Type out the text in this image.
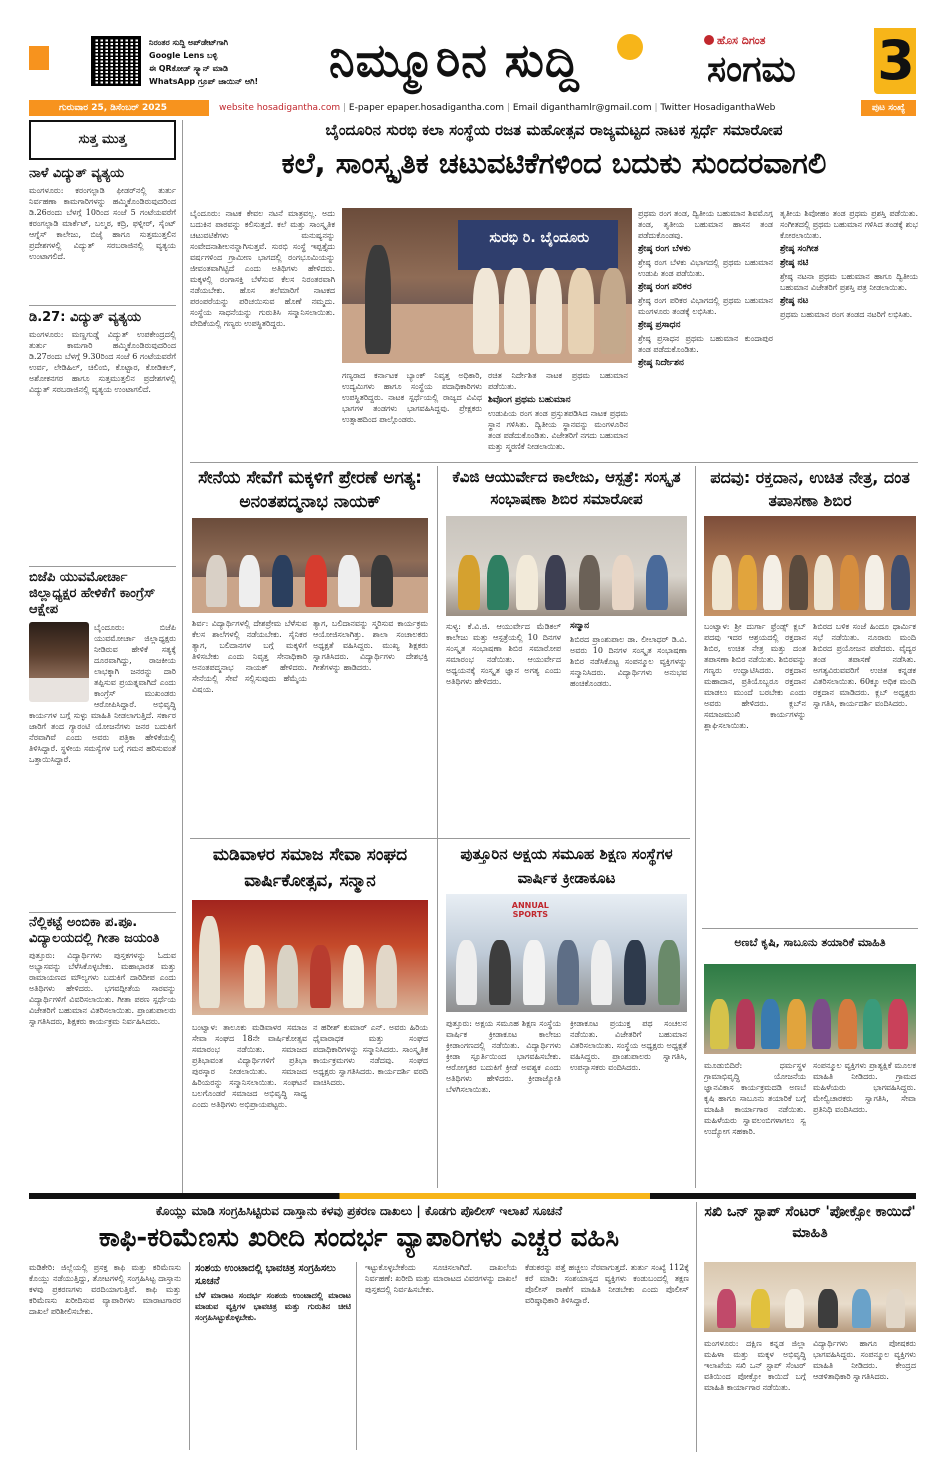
ನಿರಂತರ ಸುದ್ದಿ ಅಪ್‌ಡೇಟ್‌ಗಾಗಿ
Google Lens ಬಳ್ಳಿ
ಈ QRಕೋಡ್ ಸ್ಕ್ಯಾನ್ ಮಾಡಿ
WhatsApp ಗ್ರೂಪ್ ಜಾಯಿನ್ ಆಗಿ!	ನಿಮ್ಮೂರಿನ ಸುದ್ದಿ	ಹೊಸ ದಿಗಂತ
ಸಂಗಮ 3
ಗುರುವಾರ 25, ಡಿಸೆಂಬರ್ 2025	website hosadigantha.com | E-paper epaper.hosadigantha.com | Email diganthamlr@gmail.com | Twitter HosadiganthaWeb	ಪುಟ ಸಂಖ್ಯೆ
ಸುತ್ತ ಮುತ್ತ
ನಾಳೆ ವಿದ್ಯುತ್ ವ್ಯತ್ಯಯ
ಮಂಗಳೂರು: ಕರಂಗಲ್ಪಾಡಿ ಫೀಡರ್‌ನಲ್ಲಿ ತುರ್ತು ನಿರ್ವಹಣಾ ಕಾಮಗಾರಿಗಳನ್ನು ಹಮ್ಮಿಕೊಂಡಿರುವುದರಿಂದ ಡಿ.26ರಂದು ಬೆಳಗ್ಗೆ 10ರಿಂದ ಸಂಜೆ 5 ಗಂಟೆಯವರೆಗೆ ಕರಂಗಲ್ಪಾಡಿ ಮಾರ್ಕೆಟ್, ಬಲ್ಮಠ, ಕದ್ರಿ, ಫಳ್ನೀರ್, ಸೈಂಟ್ ಆಗ್ನೆಸ್ ಕಾಲೇಜು, ಬಿಜೈ ಹಾಗೂ ಸುತ್ತಮುತ್ತಲಿನ ಪ್ರದೇಶಗಳಲ್ಲಿ ವಿದ್ಯುತ್ ಸರಬರಾಜಿನಲ್ಲಿ ವ್ಯತ್ಯಯ ಉಂಟಾಗಲಿದೆ.
ಡಿ.27: ವಿದ್ಯುತ್ ವ್ಯತ್ಯಯ
ಮಂಗಳೂರು: ಮಣ್ಣಗುಡ್ಡೆ ವಿದ್ಯುತ್ ಉಪಕೇಂದ್ರದಲ್ಲಿ ತುರ್ತು ಕಾಮಗಾರಿ ಹಮ್ಮಿಕೊಂಡಿರುವುದರಿಂದ ಡಿ.27ರಂದು ಬೆಳಗ್ಗೆ 9.30ರಿಂದ ಸಂಜೆ 6 ಗಂಟೆಯವರೆಗೆ ಉರ್ವ, ಲೇಡಿಹಿಲ್, ಚಿಲಿಂಬಿ, ಕೊಟ್ಟಾರ, ಕೋಡಿಕಲ್, ಅಶೋಕನಗರ ಹಾಗೂ ಸುತ್ತಮುತ್ತಲಿನ ಪ್ರದೇಶಗಳಲ್ಲಿ ವಿದ್ಯುತ್ ಸರಬರಾಜಿನಲ್ಲಿ ವ್ಯತ್ಯಯ ಉಂಟಾಗಲಿದೆ.
ಬಿಜೆಪಿ ಯುವಮೋರ್ಚಾ ಜಿಲ್ಲಾಧ್ಯಕ್ಷರ ಹೇಳಿಕೆಗೆ ಕಾಂಗ್ರೆಸ್ ಆಕ್ಷೇಪ
ಬೈಂದೂರು: ಬಿಜೆಪಿ ಯುವಮೋರ್ಚಾ ಜಿಲ್ಲಾಧ್ಯಕ್ಷರು ನೀಡಿರುವ ಹೇಳಿಕೆ ಸತ್ಯಕ್ಕೆ ದೂರವಾಗಿದ್ದು, ರಾಜಕೀಯ ಲಾಭಕ್ಕಾಗಿ ಜನರನ್ನು ದಾರಿ ತಪ್ಪಿಸುವ ಪ್ರಯತ್ನವಾಗಿದೆ ಎಂದು ಕಾಂಗ್ರೆಸ್ ಮುಖಂಡರು ಆರೋಪಿಸಿದ್ದಾರೆ. ಅಭಿವೃದ್ಧಿ ಕಾರ್ಯಗಳ ಬಗ್ಗೆ ಸುಳ್ಳು ಮಾಹಿತಿ ನೀಡಲಾಗುತ್ತಿದೆ. ಸರ್ಕಾರ ಜಾರಿಗೆ ತಂದ ಗ್ಯಾರಂಟಿ ಯೋಜನೆಗಳು ಜನರ ಬದುಕಿಗೆ ನೆರವಾಗಿವೆ ಎಂದು ಅವರು ಪತ್ರಿಕಾ ಹೇಳಿಕೆಯಲ್ಲಿ ತಿಳಿಸಿದ್ದಾರೆ. ಸ್ಥಳೀಯ ಸಮಸ್ಯೆಗಳ ಬಗ್ಗೆ ಗಮನ ಹರಿಸುವಂತೆ ಒತ್ತಾಯಿಸಿದ್ದಾರೆ.
ನೆಲ್ಲಿಕಟ್ಟೆ ಅಂಬಿಕಾ ಪ.ಪೂ. ವಿದ್ಯಾಲಯದಲ್ಲಿ ಗೀತಾ ಜಯಂತಿ
ಪುತ್ತೂರು: ವಿದ್ಯಾರ್ಥಿಗಳು ಪುಸ್ತಕಗಳನ್ನು ಓದುವ ಅಭ್ಯಾಸವನ್ನು ಬೆಳೆಸಿಕೊಳ್ಳಬೇಕು. ಮಹಾಭಾರತ ಮತ್ತು ರಾಮಾಯಣದ ಮೌಲ್ಯಗಳು ಬದುಕಿಗೆ ದಾರಿದೀಪ ಎಂದು ಅತಿಥಿಗಳು ಹೇಳಿದರು. ಭಗವದ್ಗೀತೆಯ ಸಾರವನ್ನು ವಿದ್ಯಾರ್ಥಿಗಳಿಗೆ ವಿವರಿಸಲಾಯಿತು. ಗೀತಾ ಪಠಣ ಸ್ಪರ್ಧೆಯ ವಿಜೇತರಿಗೆ ಬಹುಮಾನ ವಿತರಿಸಲಾಯಿತು. ಪ್ರಾಂಶುಪಾಲರು ಸ್ವಾಗತಿಸಿದರು, ಶಿಕ್ಷಕರು ಕಾರ್ಯಕ್ರಮ ನಿರ್ವಹಿಸಿದರು.
ಬೈಂದೂರಿನ ಸುರಭಿ ಕಲಾ ಸಂಸ್ಥೆಯ ರಜತ ಮಹೋತ್ಸವ ರಾಜ್ಯಮಟ್ಟದ ನಾಟಕ ಸ್ಪರ್ಧೆ ಸಮಾರೋಪ
ಕಲೆ, ಸಾಂಸ್ಕೃತಿಕ ಚಟುವಟಿಕೆಗಳಿಂದ ಬದುಕು ಸುಂದರವಾಗಲಿ

ಬೈಂದೂರು: ನಾಟಕ ಕೇವಲ ನಟನೆ ಮಾತ್ರವಲ್ಲ. ಅದು ಬದುಕಿನ ಪಾಠವನ್ನು ಕಲಿಸುತ್ತದೆ. ಕಲೆ ಮತ್ತು ಸಾಂಸ್ಕೃತಿಕ ಚಟುವಟಿಕೆಗಳು ಮನುಷ್ಯನನ್ನು ಸಂವೇದನಾಶೀಲನನ್ನಾಗಿಸುತ್ತವೆ. ಸುರಭಿ ಸಂಸ್ಥೆ ಇಪ್ಪತ್ತೈದು ವರ್ಷಗಳಿಂದ ಗ್ರಾಮೀಣ ಭಾಗದಲ್ಲಿ ರಂಗಭೂಮಿಯನ್ನು ಜೀವಂತವಾಗಿಟ್ಟಿದೆ ಎಂದು ಅತಿಥಿಗಳು ಹೇಳಿದರು. ಮಕ್ಕಳಲ್ಲಿ ರಂಗಾಸಕ್ತಿ ಬೆಳೆಸುವ ಕೆಲಸ ನಿರಂತರವಾಗಿ ನಡೆಯಬೇಕು. ಹೊಸ ತಲೆಮಾರಿಗೆ ನಾಟಕದ ಪರಂಪರೆಯನ್ನು ಪರಿಚಯಿಸುವ ಹೊಣೆ ನಮ್ಮದು. ಸಂಸ್ಥೆಯ ಸಾಧನೆಯನ್ನು ಗುರುತಿಸಿ ಸನ್ಮಾನಿಸಲಾಯಿತು. ವೇದಿಕೆಯಲ್ಲಿ ಗಣ್ಯರು ಉಪಸ್ಥಿತರಿದ್ದರು.

ಸುರಭಿ ರಿ. ಬೈಂದೂರು

ಗಣ್ಯರಾದ ಕರ್ನಾಟಕ ಬ್ಯಾಂಕ್ ನಿವೃತ್ತ ಅಧಿಕಾರಿ, ಉದ್ಯಮಿಗಳು ಹಾಗೂ ಸಂಸ್ಥೆಯ ಪದಾಧಿಕಾರಿಗಳು ಉಪಸ್ಥಿತರಿದ್ದರು. ನಾಟಕ ಸ್ಪರ್ಧೆಯಲ್ಲಿ ರಾಜ್ಯದ ವಿವಿಧ ಭಾಗಗಳ ತಂಡಗಳು ಭಾಗವಹಿಸಿದ್ದವು. ಪ್ರೇಕ್ಷಕರು ಉತ್ಸಾಹದಿಂದ ಪಾಲ್ಗೊಂಡರು.

ರಚಿತ ನಿರ್ದೇಶಿತ ನಾಟಕ ಪ್ರಥಮ ಬಹುಮಾನ ಪಡೆಯಿತು.

ಶಿವೊಂಗ ಪ್ರಥಮ ಬಹುಮಾನ

ಉಡುಪಿಯ ರಂಗ ತಂಡ ಪ್ರಸ್ತುತಪಡಿಸಿದ ನಾಟಕ ಪ್ರಥಮ ಸ್ಥಾನ ಗಳಿಸಿತು. ದ್ವಿತೀಯ ಸ್ಥಾನವನ್ನು ಮಂಗಳೂರಿನ ತಂಡ ಪಡೆದುಕೊಂಡಿತು. ವಿಜೇತರಿಗೆ ನಗದು ಬಹುಮಾನ ಮತ್ತು ಸ್ಮರಣಿಕೆ ನೀಡಲಾಯಿತು.

ಪ್ರಥಮ ರಂಗ ತಂಡ, ದ್ವಿತೀಯ ಬಹುಮಾನ ಶಿವಮೊಗ್ಗ ತಂಡ, ತೃತೀಯ ಬಹುಮಾನ ಹಾಸನ ತಂಡ ಪಡೆದುಕೊಂಡವು.

ಶ್ರೇಷ್ಠ ರಂಗ ಬೆಳಕು

ಶ್ರೇಷ್ಠ ರಂಗ ಬೆಳಕು ವಿಭಾಗದಲ್ಲಿ ಪ್ರಥಮ ಬಹುಮಾನ ಉಡುಪಿ ತಂಡ ಪಡೆಯಿತು.

ಶ್ರೇಷ್ಠ ರಂಗ ಪರಿಕರ

ಶ್ರೇಷ್ಠ ರಂಗ ಪರಿಕರ ವಿಭಾಗದಲ್ಲಿ ಪ್ರಥಮ ಬಹುಮಾನ ಮಂಗಳೂರು ತಂಡಕ್ಕೆ ಲಭಿಸಿತು.

ಶ್ರೇಷ್ಠ ಪ್ರಸಾಧನ

ಶ್ರೇಷ್ಠ ಪ್ರಸಾಧನ ಪ್ರಥಮ ಬಹುಮಾನ ಕುಂದಾಪುರ ತಂಡ ಪಡೆದುಕೊಂಡಿತು.

ಶ್ರೇಷ್ಠ ನಿರ್ದೇಶನ

ತೃತೀಯ ಶಿವೋಹಂ ತಂಡ ಪ್ರಥಮ ಪ್ರಶಸ್ತಿ ಪಡೆಯಿತು. ಸಂಗೀತದಲ್ಲಿ ಪ್ರಥಮ ಬಹುಮಾನ ಗಳಿಸಿದ ತಂಡಕ್ಕೆ ಶುಭ ಕೋರಲಾಯಿತು.

ಶ್ರೇಷ್ಠ ಸಂಗೀತ
ಶ್ರೇಷ್ಠ ನಟಿ

ಶ್ರೇಷ್ಠ ನಟನಾ ಪ್ರಥಮ ಬಹುಮಾನ ಹಾಗೂ ದ್ವಿತೀಯ ಬಹುಮಾನ ವಿಜೇತರಿಗೆ ಪ್ರಶಸ್ತಿ ಪತ್ರ ನೀಡಲಾಯಿತು.

ಶ್ರೇಷ್ಠ ನಟ

ಪ್ರಥಮ ಬಹುಮಾನ ರಂಗ ತಂಡದ ನಟರಿಗೆ ಲಭಿಸಿತು.

ಸೇನೆಯ ಸೇವೆಗೆ ಮಕ್ಕಳಿಗೆ ಪ್ರೇರಣೆ ಅಗತ್ಯ: ಅನಂತಪದ್ಮನಾಭ ನಾಯಕ್
ಶಿರ್ವ: ವಿದ್ಯಾರ್ಥಿಗಳಲ್ಲಿ ದೇಶಪ್ರೇಮ ಬೆಳೆಸುವ ಕೆಲಸ ಶಾಲೆಗಳಲ್ಲಿ ನಡೆಯಬೇಕು. ಸೈನಿಕರ ತ್ಯಾಗ, ಬಲಿದಾನಗಳ ಬಗ್ಗೆ ಮಕ್ಕಳಿಗೆ ತಿಳಿಸಬೇಕು ಎಂದು ನಿವೃತ್ತ ಸೇನಾಧಿಕಾರಿ ಅನಂತಪದ್ಮನಾಭ ನಾಯಕ್ ಹೇಳಿದರು. ಸೇನೆಯಲ್ಲಿ ಸೇವೆ ಸಲ್ಲಿಸುವುದು ಹೆಮ್ಮೆಯ ವಿಷಯ.
ತ್ಯಾಗ, ಬಲಿದಾನವನ್ನು ಸ್ಮರಿಸುವ ಕಾರ್ಯಕ್ರಮ ಆಯೋಜಿಸಲಾಗಿತ್ತು. ಶಾಲಾ ಸಂಚಾಲಕರು ಅಧ್ಯಕ್ಷತೆ ವಹಿಸಿದ್ದರು. ಮುಖ್ಯ ಶಿಕ್ಷಕರು ಸ್ವಾಗತಿಸಿದರು. ವಿದ್ಯಾರ್ಥಿಗಳು ದೇಶಭಕ್ತಿ ಗೀತೆಗಳನ್ನು ಹಾಡಿದರು.
ಕೆವಿಜಿ ಆಯುರ್ವೇದ ಕಾಲೇಜು, ಆಸ್ಪತ್ರೆ: ಸಂಸ್ಕೃತ ಸಂಭಾಷಣಾ ಶಿಬಿರ ಸಮಾರೋಪ
ಸುಳ್ಯ: ಕೆ.ವಿ.ಜಿ. ಆಯುರ್ವೇದ ಮೆಡಿಕಲ್ ಕಾಲೇಜು ಮತ್ತು ಆಸ್ಪತ್ರೆಯಲ್ಲಿ 10 ದಿನಗಳ ಸಂಸ್ಕೃತ ಸಂಭಾಷಣಾ ಶಿಬಿರ ಸಮಾರೋಪ ಸಮಾರಂಭ ನಡೆಯಿತು. ಆಯುರ್ವೇದ ಅಧ್ಯಯನಕ್ಕೆ ಸಂಸ್ಕೃತ ಜ್ಞಾನ ಅಗತ್ಯ ಎಂದು ಅತಿಥಿಗಳು ಹೇಳಿದರು.
ಸನ್ಮಾನ

ಶಿಬಿರದ ಪ್ರಾಂಶುಪಾಲ ಡಾ. ಲೀಲಾಧರ್ ಡಿ.ವಿ. ಅವರು 10 ದಿನಗಳ ಸಂಸ್ಕೃತ ಸಂಭಾಷಣಾ ಶಿಬಿರ ನಡೆಸಿಕೊಟ್ಟ ಸಂಪನ್ಮೂಲ ವ್ಯಕ್ತಿಗಳನ್ನು ಸನ್ಮಾನಿಸಿದರು. ವಿದ್ಯಾರ್ಥಿಗಳು ಅನುಭವ ಹಂಚಿಕೊಂಡರು.

ಪದವು: ರಕ್ತದಾನ, ಉಚಿತ ನೇತ್ರ, ದಂತ ತಪಾಸಣಾ ಶಿಬಿರ
ಬಂಟ್ವಾಳ: ಶ್ರೀ ದುರ್ಗಾ ಫ್ರೆಂಡ್ಸ್ ಕ್ಲಬ್ ಪದವು ಇದರ ಆಶ್ರಯದಲ್ಲಿ ರಕ್ತದಾನ ಶಿಬಿರ, ಉಚಿತ ನೇತ್ರ ಮತ್ತು ದಂತ ತಪಾಸಣಾ ಶಿಬಿರ ನಡೆಯಿತು. ಶಿಬಿರವನ್ನು ಗಣ್ಯರು ಉದ್ಘಾಟಿಸಿದರು. ರಕ್ತದಾನ ಮಹಾದಾನ, ಪ್ರತಿಯೊಬ್ಬರೂ ರಕ್ತದಾನ ಮಾಡಲು ಮುಂದೆ ಬರಬೇಕು ಎಂದು ಅವರು ಹೇಳಿದರು. ಕ್ಲಬ್‌ನ ಸಮಾಜಮುಖಿ ಕಾರ್ಯಗಳನ್ನು ಶ್ಲಾಘಿಸಲಾಯಿತು.
ಶಿಬಿರದ ಬಳಿಕ ಸಂಜೆ ಹಿಂದೂ ಧಾರ್ಮಿಕ ಸಭೆ ನಡೆಯಿತು. ನೂರಾರು ಮಂದಿ ಶಿಬಿರದ ಪ್ರಯೋಜನ ಪಡೆದರು. ವೈದ್ಯರ ತಂಡ ತಪಾಸಣೆ ನಡೆಸಿತು. ಅಗತ್ಯವಿರುವವರಿಗೆ ಉಚಿತ ಕನ್ನಡಕ ವಿತರಿಸಲಾಯಿತು. 60ಕ್ಕೂ ಅಧಿಕ ಮಂದಿ ರಕ್ತದಾನ ಮಾಡಿದರು. ಕ್ಲಬ್ ಅಧ್ಯಕ್ಷರು ಸ್ವಾಗತಿಸಿ, ಕಾರ್ಯದರ್ಶಿ ವಂದಿಸಿದರು.
ಮಡಿವಾಳರ ಸಮಾಜ ಸೇವಾ ಸಂಘದ ವಾರ್ಷಿಕೋತ್ಸವ, ಸನ್ಮಾನ
ಬಂಟ್ವಾಳ: ತಾಲೂಕು ಮಡಿವಾಳರ ಸಮಾಜ ಸೇವಾ ಸಂಘದ 18ನೇ ವಾರ್ಷಿಕೋತ್ಸವ ಸಮಾರಂಭ ನಡೆಯಿತು. ಸಮಾಜದ ಪ್ರತಿಭಾವಂತ ವಿದ್ಯಾರ್ಥಿಗಳಿಗೆ ಪ್ರತಿಭಾ ಪುರಸ್ಕಾರ ನೀಡಲಾಯಿತು. ಸಮಾಜದ ಹಿರಿಯರನ್ನು ಸನ್ಮಾನಿಸಲಾಯಿತು. ಸಂಘಟನೆ ಬಲಗೊಂಡರೆ ಸಮಾಜದ ಅಭಿವೃದ್ಧಿ ಸಾಧ್ಯ ಎಂದು ಅತಿಥಿಗಳು ಅಭಿಪ್ರಾಯಪಟ್ಟರು.
ನ ಹರೀಶ್ ಕುಮಾರ್ ಎನ್. ಅವರು ಹಿರಿಯ ಧೈವಾರಾಧಕ ಮತ್ತು ಸಂಘದ ಪದಾಧಿಕಾರಿಗಳನ್ನು ಸನ್ಮಾನಿಸಿದರು. ಸಾಂಸ್ಕೃತಿಕ ಕಾರ್ಯಕ್ರಮಗಳು ನಡೆದವು. ಸಂಘದ ಅಧ್ಯಕ್ಷರು ಸ್ವಾಗತಿಸಿದರು. ಕಾರ್ಯದರ್ಶಿ ವರದಿ ವಾಚಿಸಿದರು.
ಪುತ್ತೂರಿನ ಅಕ್ಷಯ ಸಮೂಹ ಶಿಕ್ಷಣ ಸಂಸ್ಥೆಗಳ ವಾರ್ಷಿಕ ಕ್ರೀಡಾಕೂಟ
ANNUAL SPORTS
ಪುತ್ತೂರು: ಅಕ್ಷಯ ಸಮೂಹ ಶಿಕ್ಷಣ ಸಂಸ್ಥೆಯ ವಾರ್ಷಿಕ ಕ್ರೀಡಾಕೂಟ ಕಾಲೇಜು ಕ್ರೀಡಾಂಗಣದಲ್ಲಿ ನಡೆಯಿತು. ವಿದ್ಯಾರ್ಥಿಗಳು ಕ್ರೀಡಾ ಸ್ಫೂರ್ತಿಯಿಂದ ಭಾಗವಹಿಸಬೇಕು. ಆರೋಗ್ಯಕರ ಬದುಕಿಗೆ ಕ್ರೀಡೆ ಅವಶ್ಯಕ ಎಂದು ಅತಿಥಿಗಳು ಹೇಳಿದರು. ಕ್ರೀಡಾಜ್ಯೋತಿ ಬೆಳಗಿಸಲಾಯಿತು.
ಕ್ರೀಡಾಕೂಟ ಪ್ರಯುಕ್ತ ಪಥ ಸಂಚಲನ ನಡೆಯಿತು. ವಿಜೇತರಿಗೆ ಬಹುಮಾನ ವಿತರಿಸಲಾಯಿತು. ಸಂಸ್ಥೆಯ ಅಧ್ಯಕ್ಷರು ಅಧ್ಯಕ್ಷತೆ ವಹಿಸಿದ್ದರು. ಪ್ರಾಂಶುಪಾಲರು ಸ್ವಾಗತಿಸಿ, ಉಪನ್ಯಾಸಕರು ವಂದಿಸಿದರು.
ಅಣಬೆ ಕೃಷಿ, ಸಾಬೂನು ತಯಾರಿಕೆ ಮಾಹಿತಿ
ಮೂಡುಬಿದಿರೆ: ಧರ್ಮಸ್ಥಳ ಗ್ರಾಮಾಭಿವೃದ್ಧಿ ಯೋಜನೆಯ ಜ್ಞಾನವಿಕಾಸ ಕಾರ್ಯಕ್ರಮದಡಿ ಅಣಬೆ ಕೃಷಿ ಹಾಗೂ ಸಾಬೂನು ತಯಾರಿಕೆ ಬಗ್ಗೆ ಮಾಹಿತಿ ಕಾರ್ಯಾಗಾರ ನಡೆಯಿತು. ಮಹಿಳೆಯರು ಸ್ವಾವಲಂಬಿಗಳಾಗಲು ಸ್ವ ಉದ್ಯೋಗ ಸಹಕಾರಿ.
ಸಂಪನ್ಮೂಲ ವ್ಯಕ್ತಿಗಳು ಪ್ರಾತ್ಯಕ್ಷಿಕೆ ಮೂಲಕ ಮಾಹಿತಿ ನೀಡಿದರು. ಗ್ರಾಮದ ಮಹಿಳೆಯರು ಭಾಗವಹಿಸಿದ್ದರು. ಮೇಲ್ವಿಚಾರಕರು ಸ್ವಾಗತಿಸಿ, ಸೇವಾ ಪ್ರತಿನಿಧಿ ವಂದಿಸಿದರು.
ಕೊಯ್ಲು ಮಾಡಿ ಸಂಗ್ರಹಿಸಿಟ್ಟಿರುವ ದಾಸ್ತಾನು ಕಳವು ಪ್ರಕರಣ ದಾಖಲು | ಕೊಡಗು ಪೊಲೀಸ್ ಇಲಾಖೆ ಸೂಚನೆ
ಕಾಫಿ-ಕರಿಮೆಣಸು ಖರೀದಿ ಸಂದರ್ಭ ವ್ಯಾಪಾರಿಗಳು ಎಚ್ಚರ ವಹಿಸಿ
ಮಡಿಕೇರಿ: ಜಿಲ್ಲೆಯಲ್ಲಿ ಪ್ರಸಕ್ತ ಕಾಫಿ ಮತ್ತು ಕರಿಮೆಣಸು ಕೊಯ್ಲು ನಡೆಯುತ್ತಿದ್ದು, ತೋಟಗಳಲ್ಲಿ ಸಂಗ್ರಹಿಸಿಟ್ಟ ದಾಸ್ತಾನು ಕಳವು ಪ್ರಕರಣಗಳು ವರದಿಯಾಗುತ್ತಿವೆ. ಕಾಫಿ ಮತ್ತು ಕರಿಮೆಣಸು ಖರೀದಿಸುವ ವ್ಯಾಪಾರಿಗಳು ಮಾರಾಟಗಾರರ ದಾಖಲೆ ಪರಿಶೀಲಿಸಬೇಕು.
ಸಂಶಯ ಉಂಟಾದಲ್ಲಿ ಭಾವಚಿತ್ರ ಸಂಗ್ರಹಿಸಲು ಸೂಚನೆ
ಬೆಳೆ ಮಾರಾಟ ಸಂದರ್ಭ ಸಂಶಯ ಉಂಟಾದಲ್ಲಿ ಮಾರಾಟ ಮಾಡುವ ವ್ಯಕ್ತಿಗಳ ಭಾವಚಿತ್ರ ಮತ್ತು ಗುರುತಿನ ಚೀಟಿ ಸಂಗ್ರಹಿಸಿಟ್ಟುಕೊಳ್ಳಬೇಕು.
ಇಟ್ಟುಕೊಳ್ಳಬೇಕೆಂದು ಸೂಚಿಸಲಾಗಿದೆ. ದಾಖಲೆಯ ನಿರ್ವಹಣೆ: ಖರೀದಿ ಮತ್ತು ಮಾರಾಟದ ವಿವರಗಳನ್ನು ದಾಖಲೆ ಪುಸ್ತಕದಲ್ಲಿ ನಿರ್ವಹಿಸಬೇಕು.
ಕೆಡುಕರನ್ನು ಪತ್ತೆ ಹಚ್ಚಲು ನೆರವಾಗುತ್ತದೆ. ತುರ್ತು ಸಂಖ್ಯೆ 112ಕ್ಕೆ ಕರೆ ಮಾಡಿ: ಸಂಶಯಾಸ್ಪದ ವ್ಯಕ್ತಿಗಳು ಕಂಡುಬಂದಲ್ಲಿ ತಕ್ಷಣ ಪೊಲೀಸ್ ಠಾಣೆಗೆ ಮಾಹಿತಿ ನೀಡಬೇಕು ಎಂದು ಪೊಲೀಸ್ ವರಿಷ್ಠಾಧಿಕಾರಿ ತಿಳಿಸಿದ್ದಾರೆ.
ಸಖಿ ಒನ್ ಸ್ಟಾಪ್ ಸೆಂಟರ್ 'ಪೋಕ್ಸೋ ಕಾಯಿದೆ' ಮಾಹಿತಿ
ಮಂಗಳೂರು: ದಕ್ಷಿಣ ಕನ್ನಡ ಜಿಲ್ಲಾ ಮಹಿಳಾ ಮತ್ತು ಮಕ್ಕಳ ಅಭಿವೃದ್ಧಿ ಇಲಾಖೆಯ ಸಖಿ ಒನ್ ಸ್ಟಾಪ್ ಸೆಂಟರ್ ವತಿಯಿಂದ ಪೋಕ್ಸೋ ಕಾಯಿದೆ ಬಗ್ಗೆ ಮಾಹಿತಿ ಕಾರ್ಯಾಗಾರ ನಡೆಯಿತು.
ವಿದ್ಯಾರ್ಥಿಗಳು ಹಾಗೂ ಪೋಷಕರು ಭಾಗವಹಿಸಿದ್ದರು. ಸಂಪನ್ಮೂಲ ವ್ಯಕ್ತಿಗಳು ಮಾಹಿತಿ ನೀಡಿದರು. ಕೇಂದ್ರದ ಆಡಳಿತಾಧಿಕಾರಿ ಸ್ವಾಗತಿಸಿದರು.
